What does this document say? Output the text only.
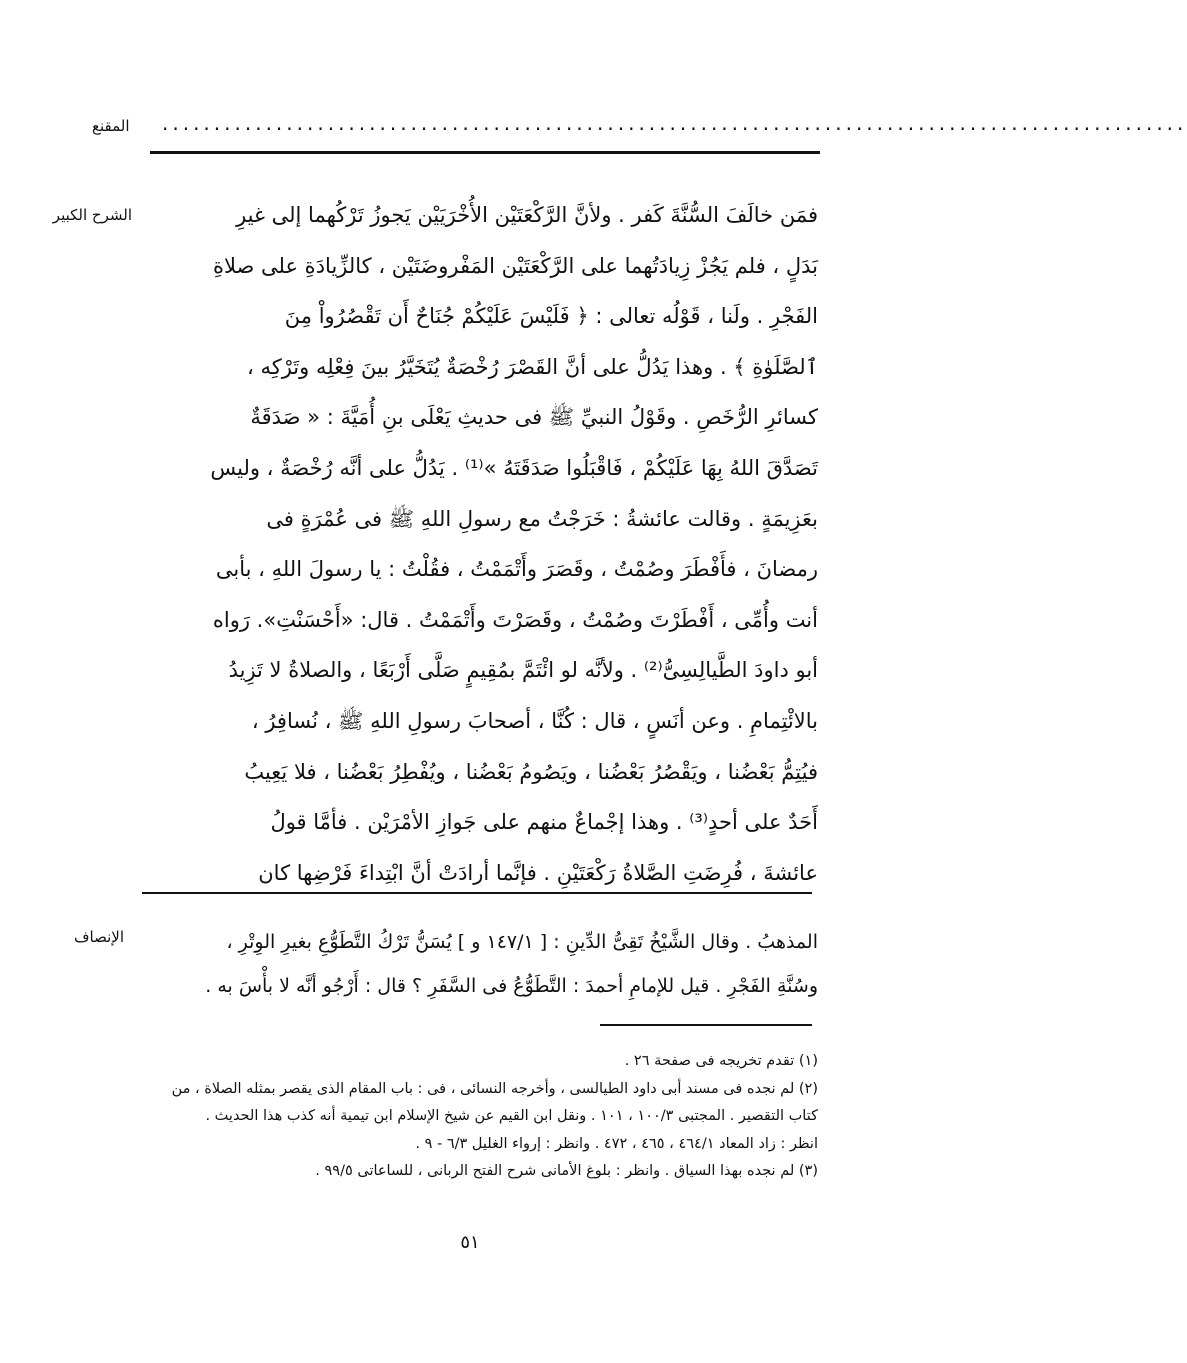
المقنع	...................................................................................................
الشرح الكبير	فمَن خالَفَ السُّنَّةَ كَفر . ولأنَّ الرَّكْعَتَيْن الأُخْرَيَيْن يَجوزُ تَرْكُهما إلى غيرِ
بَدَلٍ ، فلم يَجُزْ زِيادَتُهما على الرَّكْعَتَيْن المَفْروضَتَيْن ، كالزِّيادَةِ على صلاةِ
الفَجْرِ . ولَنا ، قَوْلُه تعالى : ﴿ فَلَيْسَ عَلَيْكُمْ جُنَاحٌ أَن تَقْصُرُواْ مِنَ
ٱلصَّلَوٰةِ ﴾ . وهذا يَدُلُّ على أنَّ القَصْرَ رُخْصَةٌ يُتَخَيَّرُ بينَ فِعْلِه وتَرْكِه ،
كسائرِ الرُّخَصِ . وقَوْلُ النبيِّ ﷺ فى حديثِ يَعْلَى بنِ أُمَيَّةَ : « صَدَقَةٌ
تَصَدَّقَ اللهُ بِهَا عَلَيْكُمْ ، فَاقْبَلُوا صَدَقَتَهُ »⁽¹⁾ . يَدُلُّ على أنَّه رُخْصَةٌ ، وليس
بعَزِيمَةٍ . وقالت عائشةُ : خَرَجْتُ مع رسولِ اللهِ ﷺ فى عُمْرَةٍ فى
رمضانَ ، فأَفْطَرَ وصُمْتُ ، وقَصَرَ وأَتْمَمْتُ ، فقُلْتُ : يا رسولَ اللهِ ، بأبى
أنت وأُمِّى ، أَفْطَرْتَ وصُمْتُ ، وقَصَرْتَ وأَتْمَمْتُ . قال: «أَحْسَنْتِ». رَواه
أبو داودَ الطَّيالِسِىُّ⁽²⁾ . ولأنَّه لو ائْتَمَّ بمُقِيمٍ صَلَّى أَرْبَعًا ، والصلاةُ لا تَزِيدُ
بالائْتِمامِ . وعن أنَسٍ ، قال : كُنَّا ، أصحابَ رسولِ اللهِ ﷺ ، نُسافِرُ ،
فيُتِمُّ بَعْضُنا ، ويَقْصُرُ بَعْضُنا ، ويَصُومُ بَعْضُنا ، ويُفْطِرُ بَعْضُنا ، فلا يَعِيبُ
أَحَدٌ على أحدٍ⁽³⁾ . وهذا إجْماعٌ منهم على جَوازِ الأمْرَيْن . فأمَّا قولُ
عائشةَ ، فُرِضَتِ الصَّلاةُ رَكْعَتَيْنِ . فإنَّما أرادَتْ أنَّ ابْتِداءَ فَرْضِها كان
الإنصاف	المذهبُ . وقال الشَّيْخُ تَقِىُّ الدِّينِ : [ ١٤٧/١ و ] يُسَنُّ تَرْكُ التَّطَوُّعِ بغيرِ الوِتْرِ ،
وسُنَّةِ الفَجْرِ . قيل للإمامِ أحمدَ : التَّطَوُّعُ فى السَّفَرِ ؟ قال : أَرْجُو أنَّه لا بأْسَ به .
(١) تقدم تخريجه فى صفحة ٢٦ .
(٢) لم نجده فى مسند أبى داود الطيالسى ، وأخرجه النسائى ، فى : باب المقام الذى يقصر بمثله الصلاة ، من
كتاب التقصير . المجتبى ١٠٠/٣ ، ١٠١ . ونقل ابن القيم عن شيخ الإسلام ابن تيمية أنه كذب هذا الحديث .
انظر : زاد المعاد ٤٦٤/١ ، ٤٦٥ ، ٤٧٢ . وانظر : إرواء الغليل ٦/٣ - ٩ .
(٣) لم نجده بهذا السياق . وانظر : بلوغ الأمانى شرح الفتح الربانى ، للساعاتى ٩٩/٥ .
٥١
